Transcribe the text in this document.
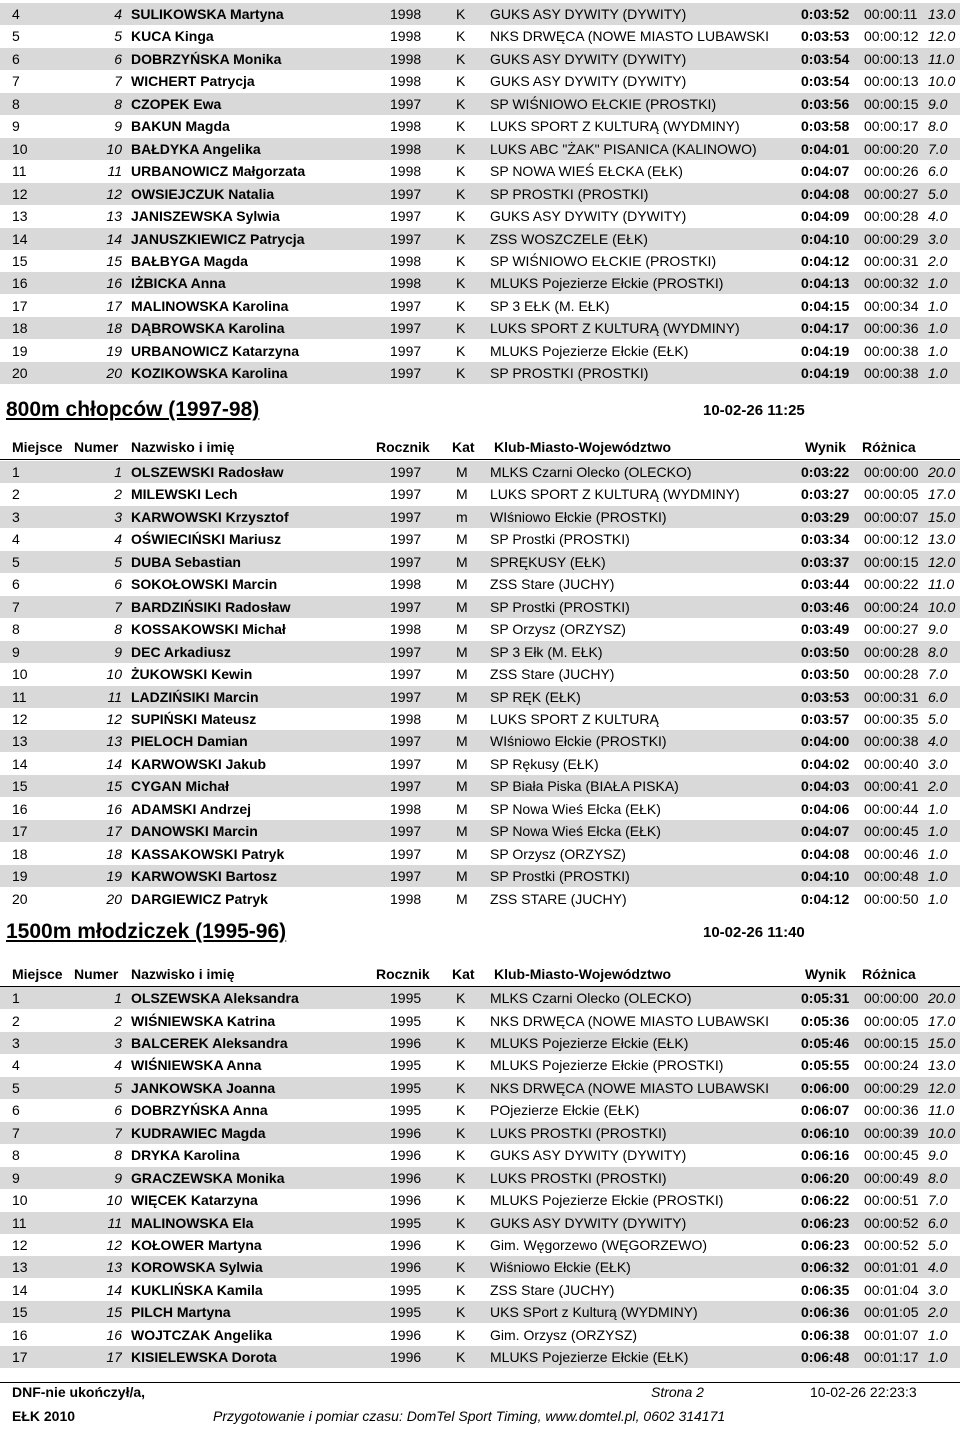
800m chłopców (1997-98)	10-02-26 11:25
1500m młodziczek (1995-96)	10-02-26 11:40
DNF-nie ukończył/a,	Strona 2	10-02-26 22:23:3
EŁK 2010	Przygotowanie i pomiar czasu: DomTel Sport Timing, www.domtel.pl, 0602 314171
4	4 SULIKOWSKA Martyna	1998	K	GUKS ASY DYWITY (DYWITY)	0:03:52	00:00:11 13.0
5	5 KUCA Kinga	1998	K	NKS DRWĘCA (NOWE MIASTO LUBAWSKI	0:03:53	00:00:12 12.0
6	6 DOBRZYŃSKA Monika	1998	K	GUKS ASY DYWITY (DYWITY)	0:03:54	00:00:13 11.0
7	7 WICHERT Patrycja	1998	K	GUKS ASY DYWITY (DYWITY)	0:03:54	00:00:13 10.0
8	8 CZOPEK Ewa	1997	K	SP WIŚNIOWO EŁCKIE (PROSTKI)	0:03:56	00:00:15 9.0
9	9 BAKUN Magda	1998	K	LUKS SPORT Z KULTURĄ (WYDMINY)	0:03:58	00:00:17 8.0
10	10 BAŁDYKA Angelika	1998	K	LUKS ABC "ŻAK" PISANICA (KALINOWO)	0:04:01	00:00:20 7.0
11	11 URBANOWICZ Małgorzata	1998	K	SP NOWA WIEŚ EŁCKA (EŁK)	0:04:07	00:00:26 6.0
12	12 OWSIEJCZUK Natalia	1997	K	SP PROSTKI (PROSTKI)	0:04:08	00:00:27 5.0
13	13 JANISZEWSKA Sylwia	1997	K	GUKS ASY DYWITY (DYWITY)	0:04:09	00:00:28 4.0
14	14 JANUSZKIEWICZ Patrycja	1997	K	ZSS WOSZCZELE (EŁK)	0:04:10	00:00:29 3.0
15	15 BAŁBYGA Magda	1998	K	SP WIŚNIOWO EŁCKIE (PROSTKI)	0:04:12	00:00:31 2.0
16	16 IŻBICKA Anna	1998	K	MLUKS Pojezierze Ełckie (PROSTKI)	0:04:13	00:00:32 1.0
17	17 MALINOWSKA Karolina	1997	K	SP 3 EŁK (M. EŁK)	0:04:15	00:00:34 1.0
18	18 DĄBROWSKA Karolina	1997	K	LUKS SPORT Z KULTURĄ (WYDMINY)	0:04:17	00:00:36 1.0
19	19 URBANOWICZ Katarzyna	1997	K	MLUKS Pojezierze Ełckie (EŁK)	0:04:19	00:00:38 1.0
20	20 KOZIKOWSKA Karolina	1997	K	SP PROSTKI (PROSTKI)	0:04:19	00:00:38 1.0
Miejsce Numer Nazwisko i imię	Rocznik Kat Klub-Miasto-Województwo	Wynik Różnica
1	1 OLSZEWSKI Radosław	1997	M	MLKS Czarni Olecko (OLECKO)	0:03:22	00:00:00 20.0
2	2 MILEWSKI Lech	1997	M	LUKS SPORT Z KULTURĄ (WYDMINY)	0:03:27	00:00:05 17.0
3	3 KARWOWSKI Krzysztof	1997	m	WIśniowo Ełckie (PROSTKI)	0:03:29	00:00:07 15.0
4	4 OŚWIECIŃSKI Mariusz	1997	M	SP Prostki (PROSTKI)	0:03:34	00:00:12 13.0
5	5 DUBA Sebastian	1997	M	SPRĘKUSY (EŁK)	0:03:37	00:00:15 12.0
6	6 SOKOŁOWSKI Marcin	1998	M	ZSS Stare (JUCHY)	0:03:44	00:00:22 11.0
7	7 BARDZIŃSIKI Radosław	1997	M	SP Prostki (PROSTKI)	0:03:46	00:00:24 10.0
8	8 KOSSAKOWSKI Michał	1998	M	SP Orzysz (ORZYSZ)	0:03:49	00:00:27 9.0
9	9 DEC Arkadiusz	1997	M	SP 3 Ełk (M. EŁK)	0:03:50	00:00:28 8.0
10	10 ŻUKOWSKI Kewin	1997	M	ZSS Stare (JUCHY)	0:03:50	00:00:28 7.0
11	11 LADZIŃSIKI Marcin	1997	M	SP RĘK (EŁK)	0:03:53	00:00:31 6.0
12	12 SUPIŃSKI Mateusz	1998	M	LUKS SPORT Z KULTURĄ	0:03:57	00:00:35 5.0
13	13 PIELOCH Damian	1997	M	WIśniowo Ełckie (PROSTKI)	0:04:00	00:00:38 4.0
14	14 KARWOWSKI Jakub	1997	M	SP Rękusy (EŁK)	0:04:02	00:00:40 3.0
15	15 CYGAN Michał	1997	M	SP Biała Piska (BIAŁA PISKA)	0:04:03	00:00:41 2.0
16	16 ADAMSKI Andrzej	1998	M	SP Nowa Wieś Ełcka (EŁK)	0:04:06	00:00:44 1.0
17	17 DANOWSKI Marcin	1997	M	SP Nowa Wieś Ełcka (EŁK)	0:04:07	00:00:45 1.0
18	18 KASSAKOWSKI Patryk	1997	M	SP Orzysz (ORZYSZ)	0:04:08	00:00:46 1.0
19	19 KARWOWSKI Bartosz	1997	M	SP Prostki (PROSTKI)	0:04:10	00:00:48 1.0
20	20 DARGIEWICZ Patryk	1998	M	ZSS STARE (JUCHY)	0:04:12	00:00:50 1.0
Miejsce Numer Nazwisko i imię	Rocznik Kat Klub-Miasto-Województwo	Wynik Różnica
1	1 OLSZEWSKA Aleksandra	1995	K	MLKS Czarni Olecko (OLECKO)	0:05:31	00:00:00 20.0
2	2 WIŚNIEWSKA Katrina	1995	K	NKS DRWĘCA (NOWE MIASTO LUBAWSKI	0:05:36	00:00:05 17.0
3	3 BALCEREK Aleksandra	1996	K	MLUKS Pojezierze Ełckie (EŁK)	0:05:46	00:00:15 15.0
4	4 WIŚNIEWSKA Anna	1995	K	MLUKS Pojezierze Ełckie (PROSTKI)	0:05:55	00:00:24 13.0
5	5 JANKOWSKA Joanna	1995	K	NKS DRWĘCA (NOWE MIASTO LUBAWSKI	0:06:00	00:00:29 12.0
6	6 DOBRZYŃSKA Anna	1995	K	POjezierze Ełckie (EŁK)	0:06:07	00:00:36 11.0
7	7 KUDRAWIEC Magda	1996	K	LUKS PROSTKI (PROSTKI)	0:06:10	00:00:39 10.0
8	8 DRYKA Karolina	1996	K	GUKS ASY DYWITY (DYWITY)	0:06:16	00:00:45 9.0
9	9 GRACZEWSKA Monika	1996	K	LUKS PROSTKI (PROSTKI)	0:06:20	00:00:49 8.0
10	10 WIĘCEK Katarzyna	1996	K	MLUKS Pojezierze Ełckie (PROSTKI)	0:06:22	00:00:51 7.0
11	11 MALINOWSKA Ela	1995	K	GUKS ASY DYWITY (DYWITY)	0:06:23	00:00:52 6.0
12	12 KOŁOWER Martyna	1996	K	Gim. Węgorzewo (WĘGORZEWO)	0:06:23	00:00:52 5.0
13	13 KOROWSKA Sylwia	1996	K	Wiśniowo Ełckie (EŁK)	0:06:32	00:01:01 4.0
14	14 KUKLIŃSKA Kamila	1995	K	ZSS Stare (JUCHY)	0:06:35	00:01:04 3.0
15	15 PILCH Martyna	1995	K	UKS SPort z Kulturą (WYDMINY)	0:06:36	00:01:05 2.0
16	16 WOJTCZAK Angelika	1996	K	Gim. Orzysz (ORZYSZ)	0:06:38	00:01:07 1.0
17	17 KISIELEWSKA Dorota	1996	K	MLUKS Pojezierze Ełckie (EŁK)	0:06:48	00:01:17 1.0
